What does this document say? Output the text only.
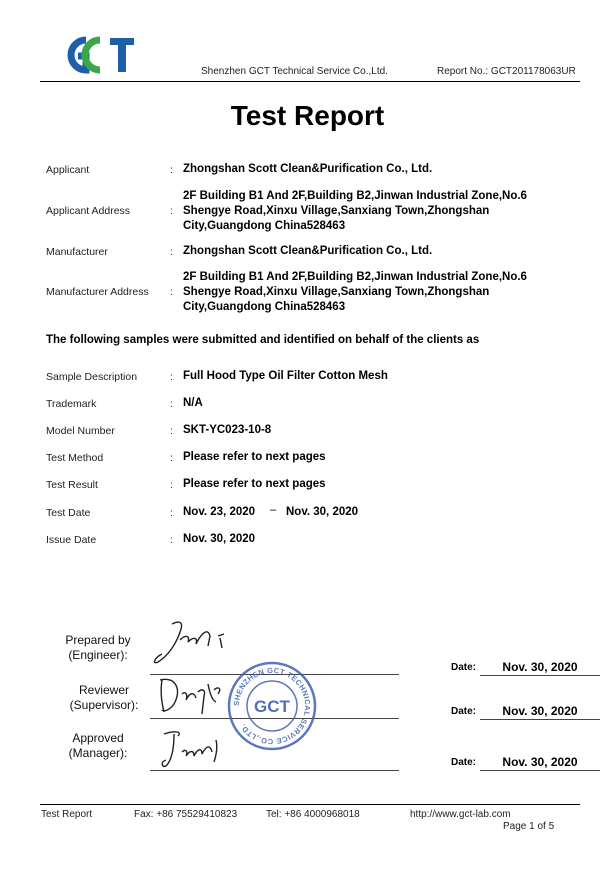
Shenzhen GCT Technical Service Co.,Ltd.	Report No.: GCT201178063UR
Test Report
Applicant	: Zhongshan Scott Clean&Purification Co., Ltd.
Applicant Address	:
2F Building B1 And 2F,Building B2,Jinwan Industrial Zone,No.6
Shengye Road,Xinxu Village,Sanxiang Town,Zhongshan
City,Guangdong China528463
Manufacturer	: Zhongshan Scott Clean&Purification Co., Ltd.
Manufacturer Address :
2F Building B1 And 2F,Building B2,Jinwan Industrial Zone,No.6
Shengye Road,Xinxu Village,Sanxiang Town,Zhongshan
City,Guangdong China528463
The following samples were submitted and identified on behalf of the clients as
Sample Description	: Full Hood Type Oil Filter Cotton Mesh
Trademark	: N/A
Model Number	: SKT-YC023-10-8
Test Method	: Please refer to next pages
Test Result	: Please refer to next pages
Test Date	: Nov. 23, 2020 – Nov. 30, 2020
Issue Date	: Nov. 30, 2020
Prepared by
(Engineer):
Date:	Nov. 30, 2020
Reviewer
(Supervisor):	Date:	Nov. 30, 2020
Approved
(Manager):
Date:	Nov. 30, 2020
SHENZHEN GCT TECHNICAL SERVICE CO.,LTD.
GCT
Test Report	Fax: +86 75529410823	Tel: +86 4000968018	http://www.gct-lab.com
Page 1 of 5
